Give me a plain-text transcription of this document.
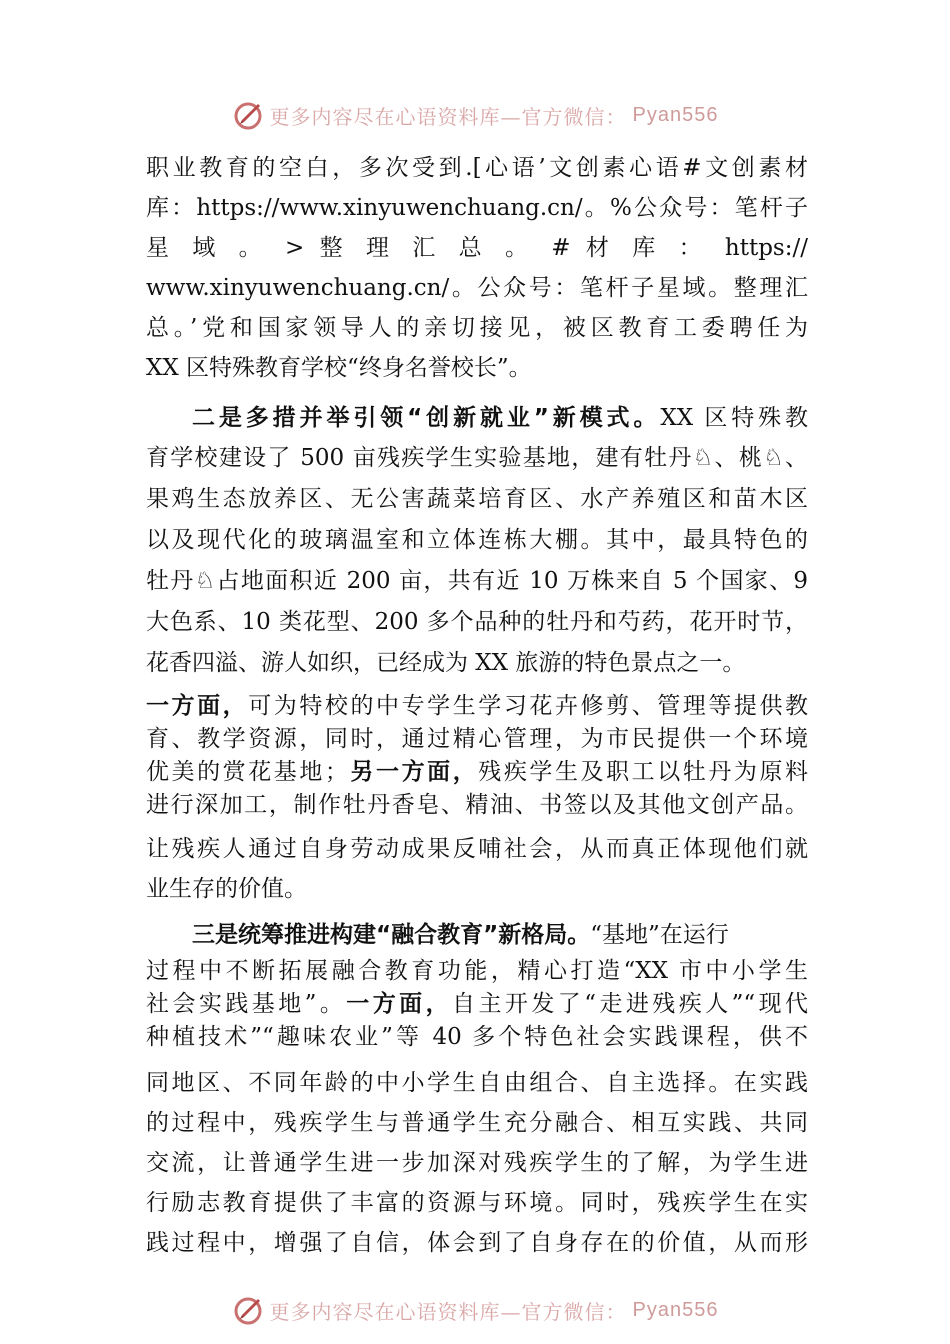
更多内容尽在心语资料库—官方微信： Pyan556
职业教育的空白，多次受到.[心语’文创素心语#文创素材
库：https://www.xinyuwenchuang.cn/。%公众号：笔杆子
星 域 。 > 整 理 汇 总 。 # 材 库 ： https://
www.xinyuwenchuang.cn/。公众号：笔杆子星域。整理汇
总。’党和国家领导人的亲切接见，被区教育工委聘任为
XX 区特殊教育学校“终身名誉校长”。
二是多措并举引领“创新就业”新模式。XX 区特殊教
育学校建设了 500 亩残疾学生实验基地，建有牡丹♘、桃♘、
果鸡生态放养区、无公害蔬菜培育区、水产养殖区和苗木区
以及现代化的玻璃温室和立体连栋大棚。其中，最具特色的
牡丹♘占地面积近 200 亩，共有近 10 万株来自 5 个国家、9
大色系、10 类花型、200 多个品种的牡丹和芍药，花开时节，
花香四溢、游人如织，已经成为 XX 旅游的特色景点之一。
一方面，可为特校的中专学生学习花卉修剪、管理等提供教
育、教学资源，同时，通过精心管理，为市民提供一个环境
优美的赏花基地；另一方面，残疾学生及职工以牡丹为原料
进行深加工，制作牡丹香皂、精油、书签以及其他文创产品。
让残疾人通过自身劳动成果反哺社会，从而真正体现他们就
业生存的价值。
三是统筹推进构建“融合教育”新格局。“基地”在运行
过程中不断拓展融合教育功能，精心打造“XX 市中小学生
社会实践基地”。一方面，自主开发了“走进残疾人”“现代
种植技术”“趣味农业”等 40 多个特色社会实践课程，供不
同地区、不同年龄的中小学生自由组合、自主选择。在实践
的过程中，残疾学生与普通学生充分融合、相互实践、共同
交流，让普通学生进一步加深对残疾学生的了解，为学生进
行励志教育提供了丰富的资源与环境。同时，残疾学生在实
践过程中，增强了自信，体会到了自身存在的价值，从而形
更多内容尽在心语资料库—官方微信： Pyan556
